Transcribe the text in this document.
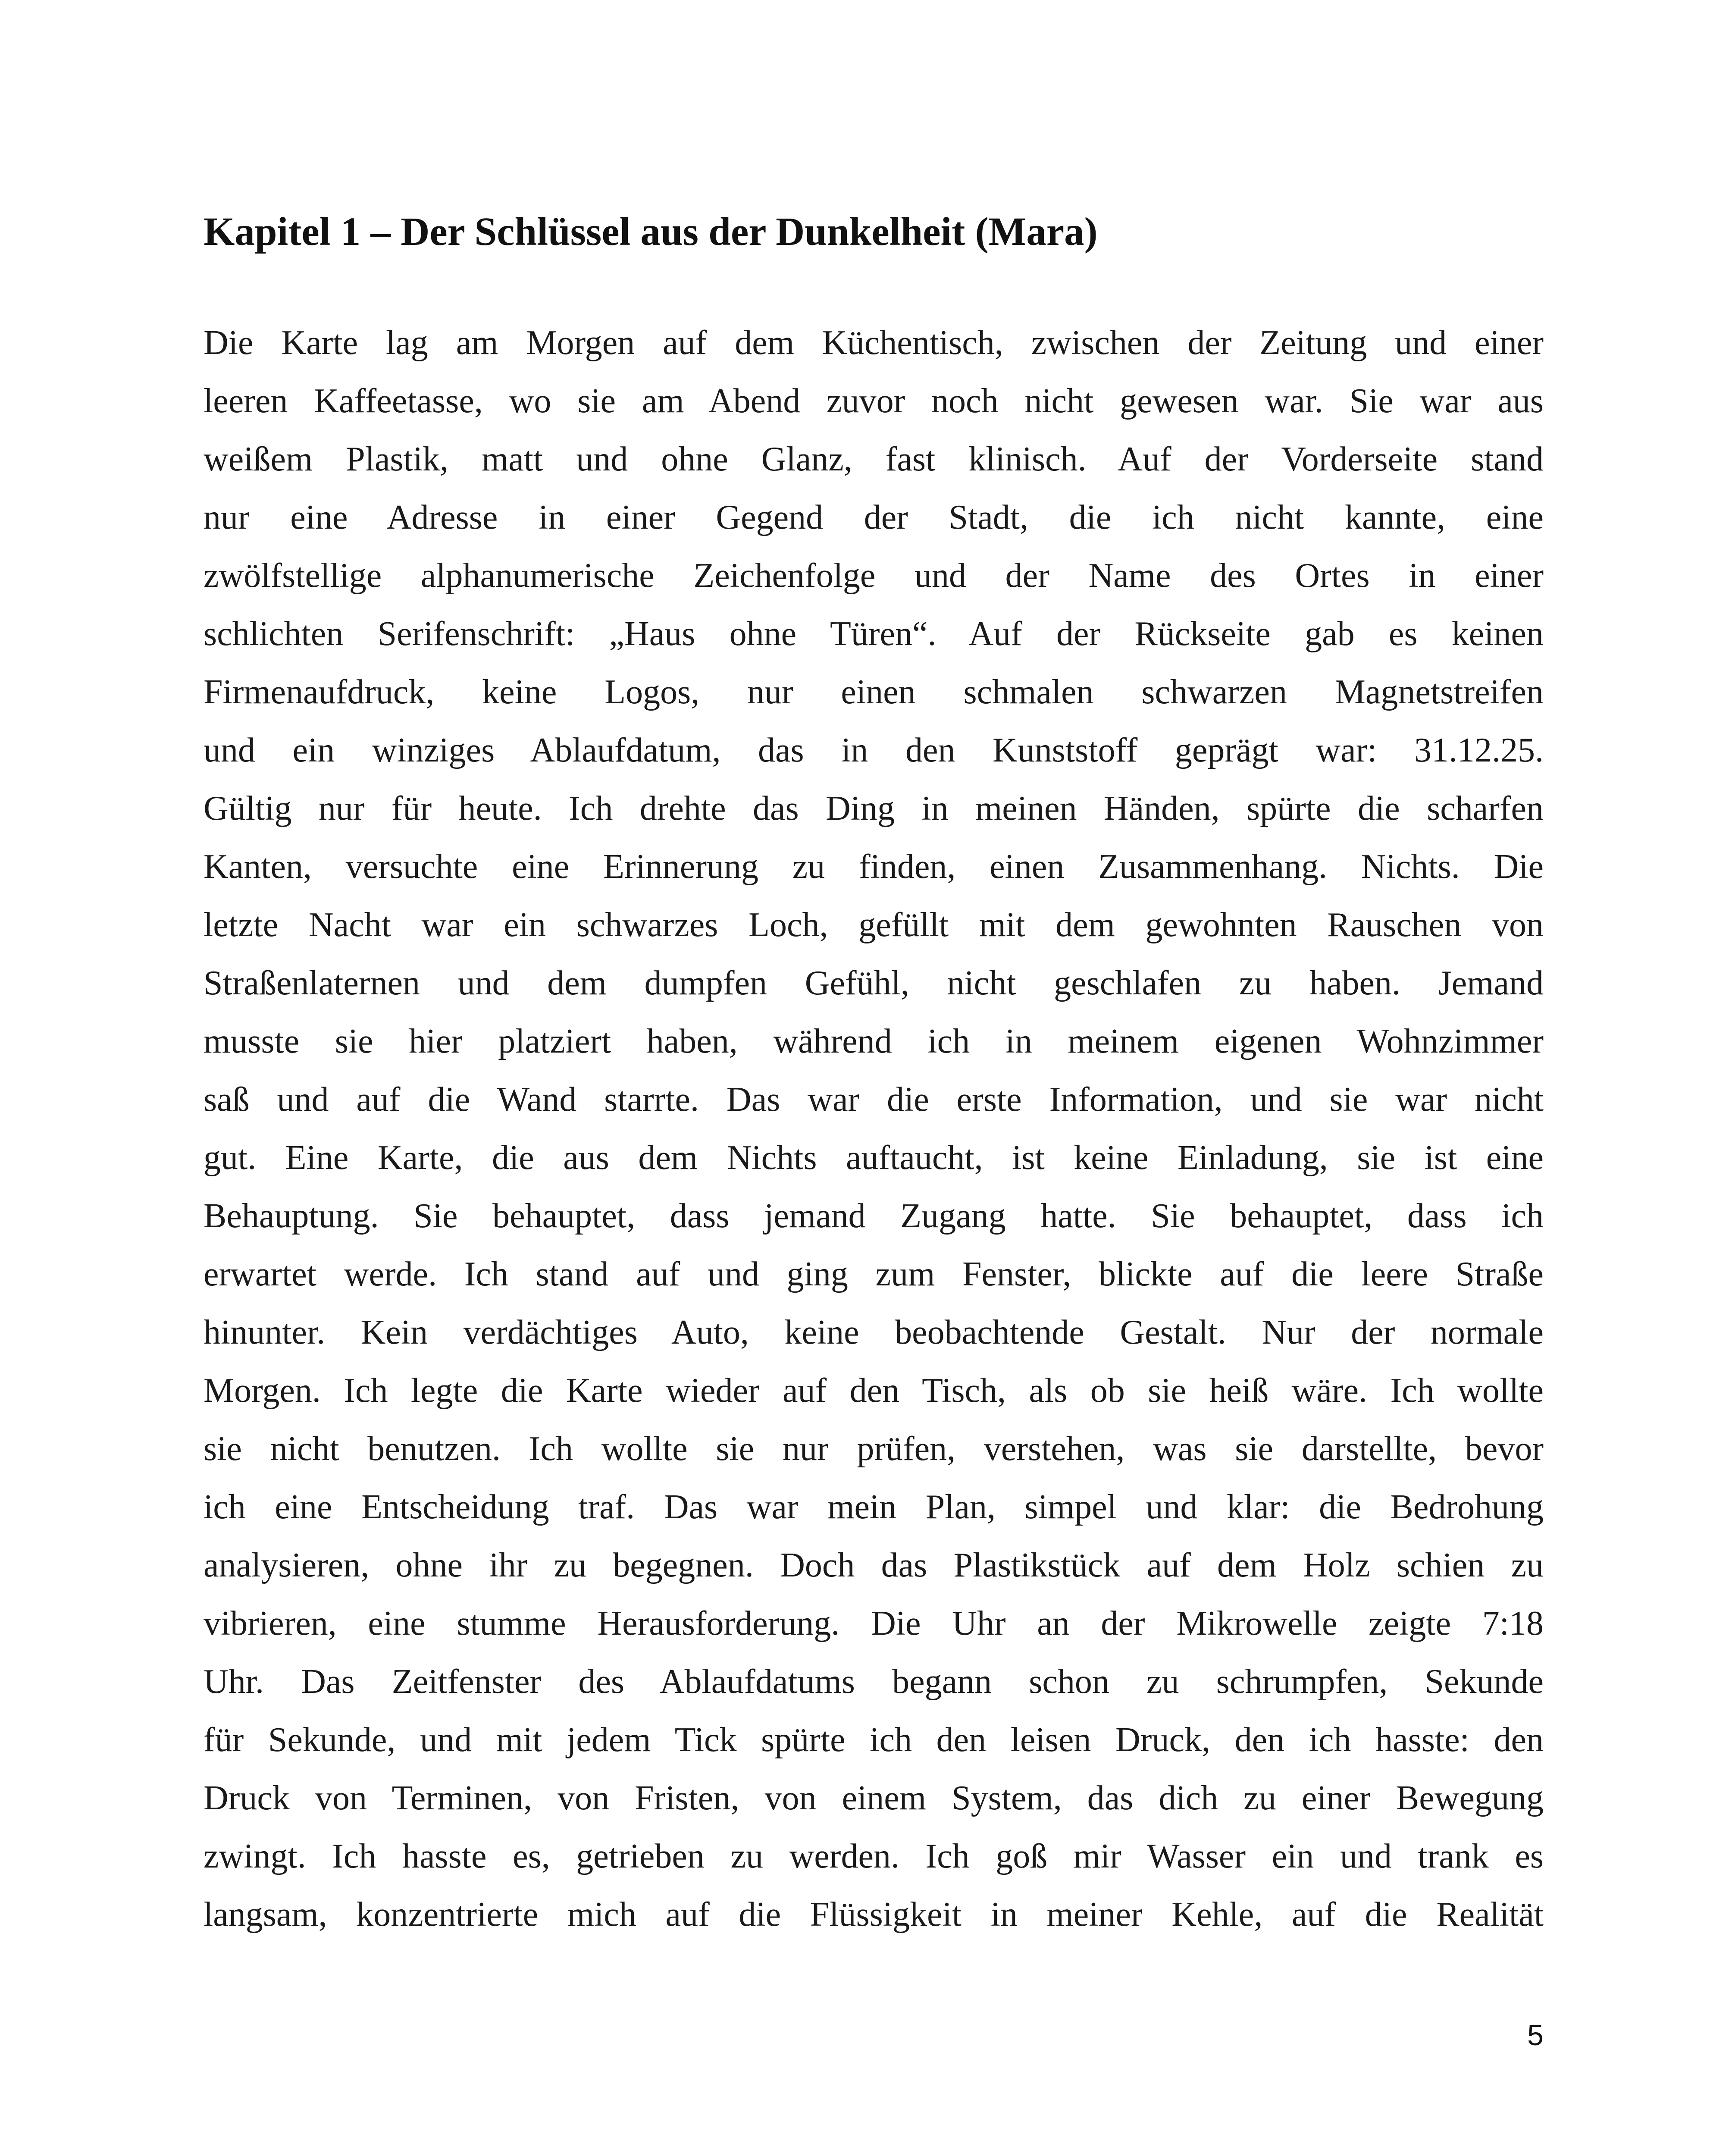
Kapitel 1 – Der Schlüssel aus der Dunkelheit (Mara)
Die Karte lag am Morgen auf dem Küchentisch, zwischen der Zeitung und einer
leeren Kaffeetasse, wo sie am Abend zuvor noch nicht gewesen war. Sie war aus
weißem Plastik, matt und ohne Glanz, fast klinisch. Auf der Vorderseite stand
nur eine Adresse in einer Gegend der Stadt, die ich nicht kannte, eine
zwölfstellige alphanumerische Zeichenfolge und der Name des Ortes in einer
schlichten Serifenschrift: „Haus ohne Türen“. Auf der Rückseite gab es keinen
Firmenaufdruck, keine Logos, nur einen schmalen schwarzen Magnetstreifen
und ein winziges Ablaufdatum, das in den Kunststoff geprägt war: 31.12.25.
Gültig nur für heute. Ich drehte das Ding in meinen Händen, spürte die scharfen
Kanten, versuchte eine Erinnerung zu finden, einen Zusammenhang. Nichts. Die
letzte Nacht war ein schwarzes Loch, gefüllt mit dem gewohnten Rauschen von
Straßenlaternen und dem dumpfen Gefühl, nicht geschlafen zu haben. Jemand
musste sie hier platziert haben, während ich in meinem eigenen Wohnzimmer
saß und auf die Wand starrte. Das war die erste Information, und sie war nicht
gut. Eine Karte, die aus dem Nichts auftaucht, ist keine Einladung, sie ist eine
Behauptung. Sie behauptet, dass jemand Zugang hatte. Sie behauptet, dass ich
erwartet werde. Ich stand auf und ging zum Fenster, blickte auf die leere Straße
hinunter. Kein verdächtiges Auto, keine beobachtende Gestalt. Nur der normale
Morgen. Ich legte die Karte wieder auf den Tisch, als ob sie heiß wäre. Ich wollte
sie nicht benutzen. Ich wollte sie nur prüfen, verstehen, was sie darstellte, bevor
ich eine Entscheidung traf. Das war mein Plan, simpel und klar: die Bedrohung
analysieren, ohne ihr zu begegnen. Doch das Plastikstück auf dem Holz schien zu
vibrieren, eine stumme Herausforderung. Die Uhr an der Mikrowelle zeigte 7:18
Uhr. Das Zeitfenster des Ablaufdatums begann schon zu schrumpfen, Sekunde
für Sekunde, und mit jedem Tick spürte ich den leisen Druck, den ich hasste: den
Druck von Terminen, von Fristen, von einem System, das dich zu einer Bewegung
zwingt. Ich hasste es, getrieben zu werden. Ich goß mir Wasser ein und trank es
langsam, konzentrierte mich auf die Flüssigkeit in meiner Kehle, auf die Realität
5
